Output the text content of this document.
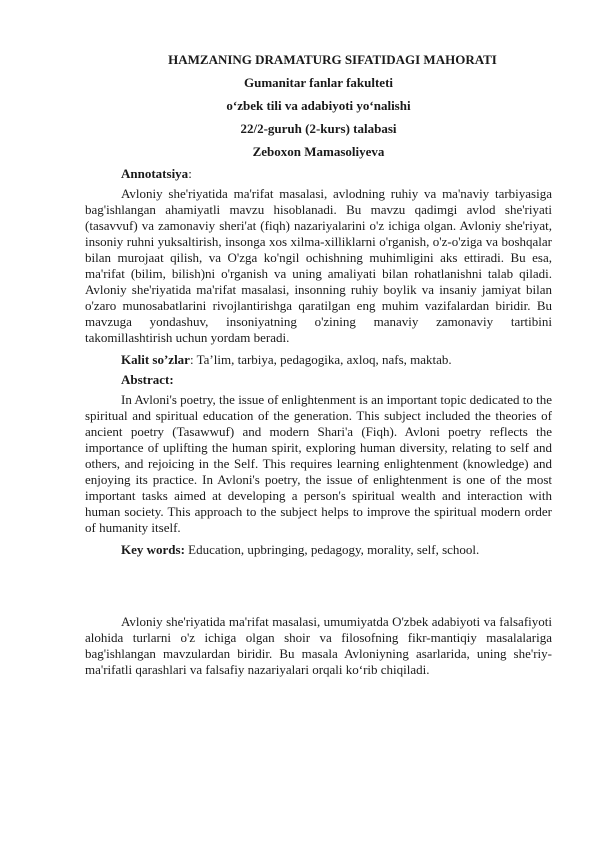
HAMZANING DRAMATURG SIFATIDAGI MAHORATI
Gumanitar fanlar fakulteti
o‘zbek tili va adabiyoti yo‘nalishi
22/2-guruh (2-kurs) talabasi
Zeboxon Mamasoliyeva
Annotatsiya:

Avloniy she'riyatida ma'rifat masalasi, avlodning ruhiy va ma'naviy tarbiyasiga bag'ishlangan ahamiyatli mavzu hisoblanadi. Bu mavzu qadimgi avlod she'riyati (tasavvuf) va zamonaviy sheri'at (fiqh) nazariyalarini o'z ichiga olgan. Avloniy she'riyat, insoniy ruhni yuksaltirish, insonga xos xilma-xilliklarni o'rganish, o'z-o'ziga va boshqalar bilan murojaat qilish, va O'zga ko'ngil ochishning muhimligini aks ettiradi. Bu esa, ma'rifat (bilim, bilish)ni o'rganish va uning amaliyati bilan rohatlanishni talab qiladi. Avloniy she'riyatida ma'rifat masalasi, insonning ruhiy boylik va insaniy jamiyat bilan o'zaro munosabatlarini rivojlantirishga qaratilgan eng muhim vazifalardan biridir. Bu mavzuga yondashuv, insoniyatning o'zining manaviy zamonaviy tartibini takomillashtirish uchun yordam beradi.

Kalit so’zlar: Ta’lim, tarbiya, pedagogika, axloq, nafs, maktab.
Abstract:

In Avloni's poetry, the issue of enlightenment is an important topic dedicated to the spiritual and spiritual education of the generation. This subject included the theories of ancient poetry (Tasawwuf) and modern Shari'a (Fiqh). Avloni poetry reflects the importance of uplifting the human spirit, exploring human diversity, relating to self and others, and rejoicing in the Self. This requires learning enlightenment (knowledge) and enjoying its practice. In Avloni's poetry, the issue of enlightenment is one of the most important tasks aimed at developing a person's spiritual wealth and interaction with human society. This approach to the subject helps to improve the spiritual modern order of humanity itself.

Key words: Education, upbringing, pedagogy, morality, self, school.

Avloniy she'riyatida ma'rifat masalasi, umumiyatda O'zbek adabiyoti va falsafiyoti alohida turlarni o'z ichiga olgan shoir va filosofning fikr-mantiqiy masalalariga bag'ishlangan mavzulardan biridir. Bu masala Avloniyning asarlarida, uning she'riy-ma'rifatli qarashlari va falsafiy nazariyalari orqali ko‘rib chiqiladi.
